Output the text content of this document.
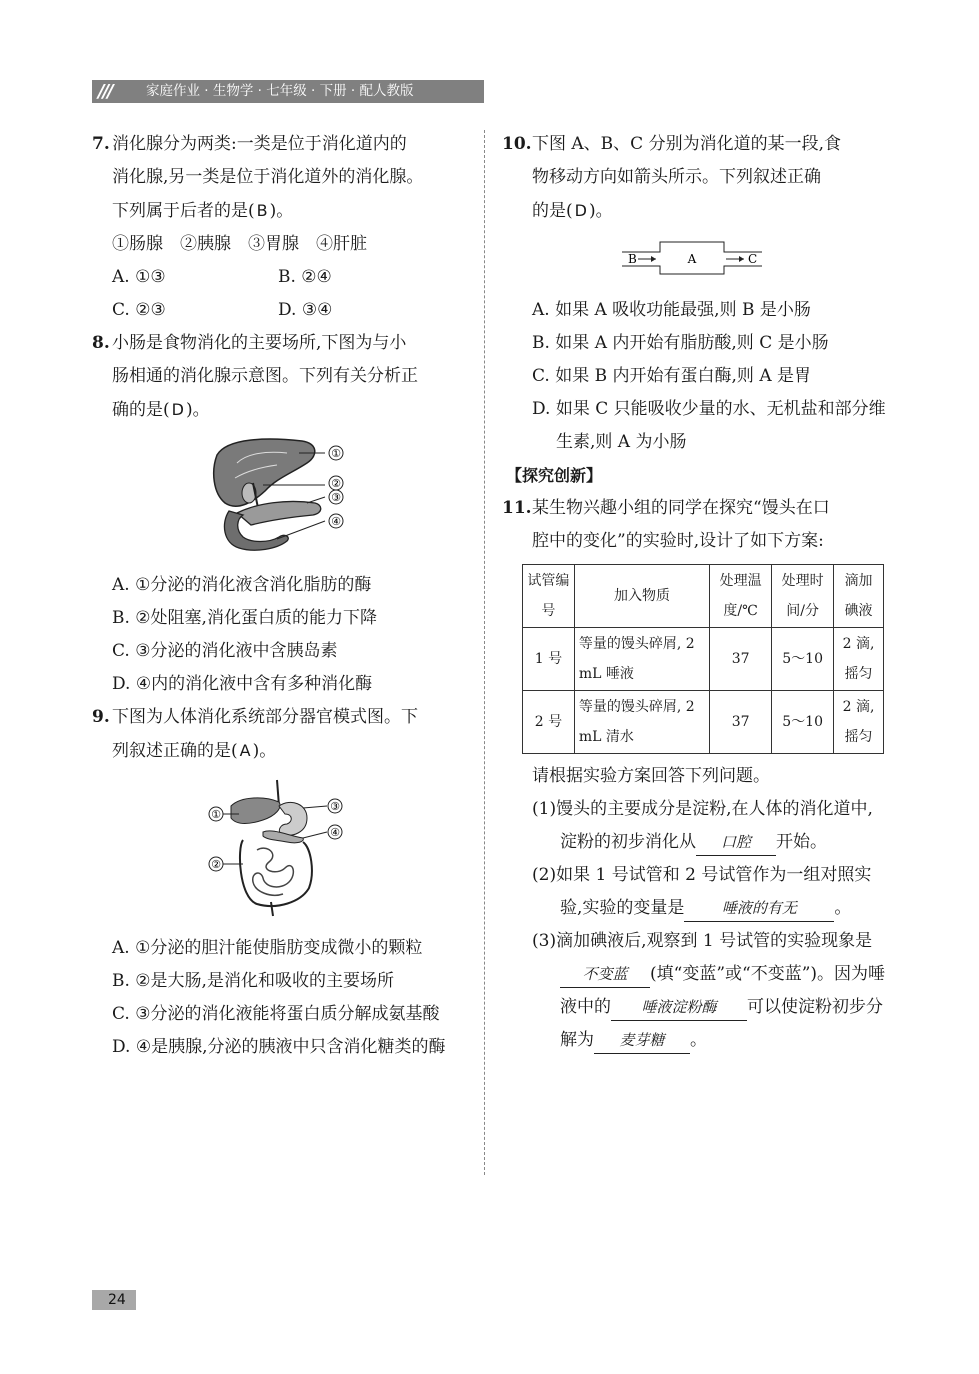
///	家庭作业 · 生物学 · 七年级 · 下册 · 配人教版
7. 消化腺分为两类:一类是位于消化道内的
消化腺,另一类是位于消化道外的消化腺。
下列属于后者的是( B )。
①肠腺　②胰腺　③胃腺　④肝脏
A. ①③	B. ②④
C. ②③	D. ③④
8. 小肠是食物消化的主要场所,下图为与小
肠相通的消化腺示意图。下列有关分析正
确的是( D )。
①
②
③
④
A. ①分泌的消化液含消化脂肪的酶
B. ②处阻塞,消化蛋白质的能力下降
C. ③分泌的消化液中含胰岛素
D. ④内的消化液中含有多种消化酶
9. 下图为人体消化系统部分器官模式图。下
列叙述正确的是( A )。
①
②
③
④
A. ①分泌的胆汁能使脂肪变成微小的颗粒
B. ②是大肠,是消化和吸收的主要场所
C. ③分泌的消化液能将蛋白质分解成氨基酸
D. ④是胰腺,分泌的胰液中只含消化糖类的酶
10. 下图 A、B、C 分别为消化道的某一段,食
物移动方向如箭头所示。下列叙述正确
的是( D )。
B	A	C
A. 如果 A 吸收功能最强,则 B 是小肠
B. 如果 A 内开始有脂肪酸,则 C 是小肠
C. 如果 B 内开始有蛋白酶,则 A 是胃
D. 如果 C 只能吸收少量的水、无机盐和部分维生素,则 A 为小肠
【探究创新】
11. 某生物兴趣小组的同学在探究“馒头在口
腔中的变化”的实验时,设计了如下方案:
试管编号	加入物质	处理温度/℃	处理时间/分	滴加碘液
1 号	等量的馒头碎屑, 2 mL 唾液	37	5～10	2 滴, 摇匀
2 号	等量的馒头碎屑, 2 mL 清水	37	5～10	2 滴, 摇匀
请根据实验方案回答下列问题。
(1)馒头的主要成分是淀粉,在人体的消化道中,淀粉的初步消化从 口腔 开始。
(2)如果 1 号试管和 2 号试管作为一组对照实验,实验的变量是 唾液的有无 。
(3)滴加碘液后,观察到 1 号试管的实验现象是不变蓝 (填“变蓝”或“不变蓝”)。因为唾液中的 唾液淀粉酶 可以使淀粉初步分解为 麦芽糖 。
24
